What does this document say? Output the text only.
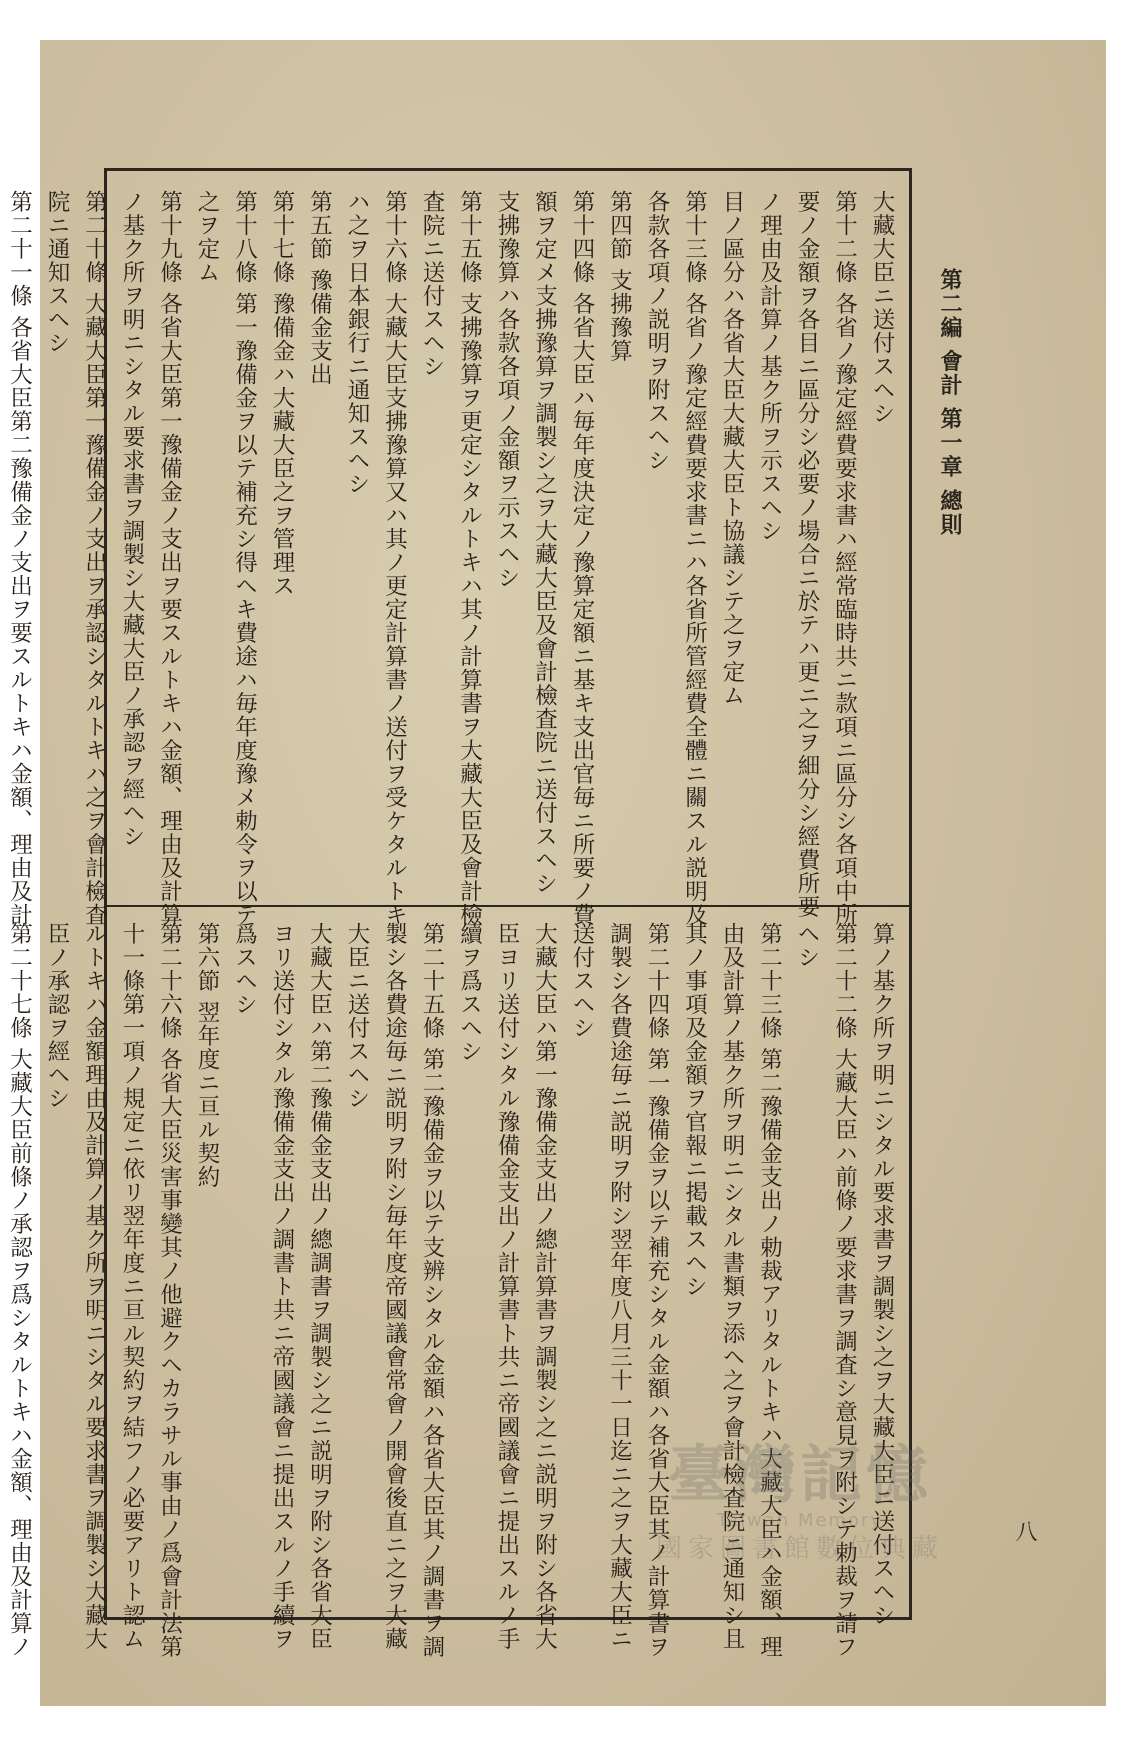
第二編 會計 第一章 總則
大藏大臣ニ送付スヘシ
第十二條 各省ノ豫定經費要求書ハ經常臨時共ニ款項ニ區分シ各項中所
要ノ金額ヲ各目ニ區分シ必要ノ場合ニ於テハ更ニ之ヲ細分シ經費所要
ノ理由及計算ノ基ク所ヲ示スヘシ
目ノ區分ハ各省大臣大藏大臣ト協議シテ之ヲ定ム
第十三條 各省ノ豫定經費要求書ニハ各省所管經費全體ニ關スル説明及
各款各項ノ説明ヲ附スヘシ
第四節 支拂豫算
第十四條 各省大臣ハ毎年度決定ノ豫算定額ニ基キ支出官毎ニ所要ノ費
額ヲ定メ支拂豫算ヲ調製シ之ヲ大藏大臣及會計檢査院ニ送付スヘシ
支拂豫算ハ各款各項ノ金額ヲ示スヘシ
第十五條 支拂豫算ヲ更定シタルトキハ其ノ計算書ヲ大藏大臣及會計檢
査院ニ送付スヘシ
第十六條 大藏大臣支拂豫算又ハ其ノ更定計算書ノ送付ヲ受ケタルトキ
ハ之ヲ日本銀行ニ通知スヘシ
第五節 豫備金支出
第十七條 豫備金ハ大藏大臣之ヲ管理ス
第十八條 第一豫備金ヲ以テ補充シ得ヘキ費途ハ毎年度豫メ勅令ヲ以テ
之ヲ定ム
第十九條 各省大臣第一豫備金ノ支出ヲ要スルトキハ金額、理由及計算
ノ基ク所ヲ明ニシタル要求書ヲ調製シ大藏大臣ノ承認ヲ經ヘシ
第二十條 大藏大臣第一豫備金ノ支出ヲ承認シタルトキハ之ヲ會計檢査
院ニ通知スヘシ
第二十一條 各省大臣第二豫備金ノ支出ヲ要スルトキハ金額、理由及計
算ノ基ク所ヲ明ニシタル要求書ヲ調製シ之ヲ大藏大臣ニ送付スヘシ
第二十二條 大藏大臣ハ前條ノ要求書ヲ調査シ意見ヲ附シテ勅裁ヲ請フ
ヘシ
第二十三條 第二豫備金支出ノ勅裁アリタルトキハ大藏大臣ハ金額、理
由及計算ノ基ク所ヲ明ニシタル書類ヲ添ヘ之ヲ會計檢査院ニ通知シ且
其ノ事項及金額ヲ官報ニ掲載スヘシ
第二十四條 第一豫備金ヲ以テ補充シタル金額ハ各省大臣其ノ計算書ヲ
調製シ各費途毎ニ説明ヲ附シ翌年度八月三十一日迄ニ之ヲ大藏大臣ニ
送付スヘシ
大藏大臣ハ第一豫備金支出ノ總計算書ヲ調製シ之ニ説明ヲ附シ各省大
臣ヨリ送付シタル豫備金支出ノ計算書ト共ニ帝國議會ニ提出スルノ手
續ヲ爲スヘシ
第二十五條 第二豫備金ヲ以テ支辨シタル金額ハ各省大臣其ノ調書ヲ調
製シ各費途毎ニ説明ヲ附シ毎年度帝國議會常會ノ開會後直ニ之ヲ大藏
大臣ニ送付スヘシ
大藏大臣ハ第二豫備金支出ノ總調書ヲ調製シ之ニ説明ヲ附シ各省大臣
ヨリ送付シタル豫備金支出ノ調書ト共ニ帝國議會ニ提出スルノ手續ヲ
爲スヘシ
第六節 翌年度ニ亘ル契約
第二十六條 各省大臣災害事變其ノ他避クヘカラサル事由ノ爲會計法第
十一條第一項ノ規定ニ依リ翌年度ニ亘ル契約ヲ結フノ必要アリト認ム
ルトキハ金額理由及計算ノ基ク所ヲ明ニシタル要求書ヲ調製シ大藏大
臣ノ承認ヲ經ヘシ
第二十七條 大藏大臣前條ノ承認ヲ爲シタルトキハ金額、理由及計算ノ	八
臺灣記憶
Taiwan Memory
國家圖書館數位典藏
